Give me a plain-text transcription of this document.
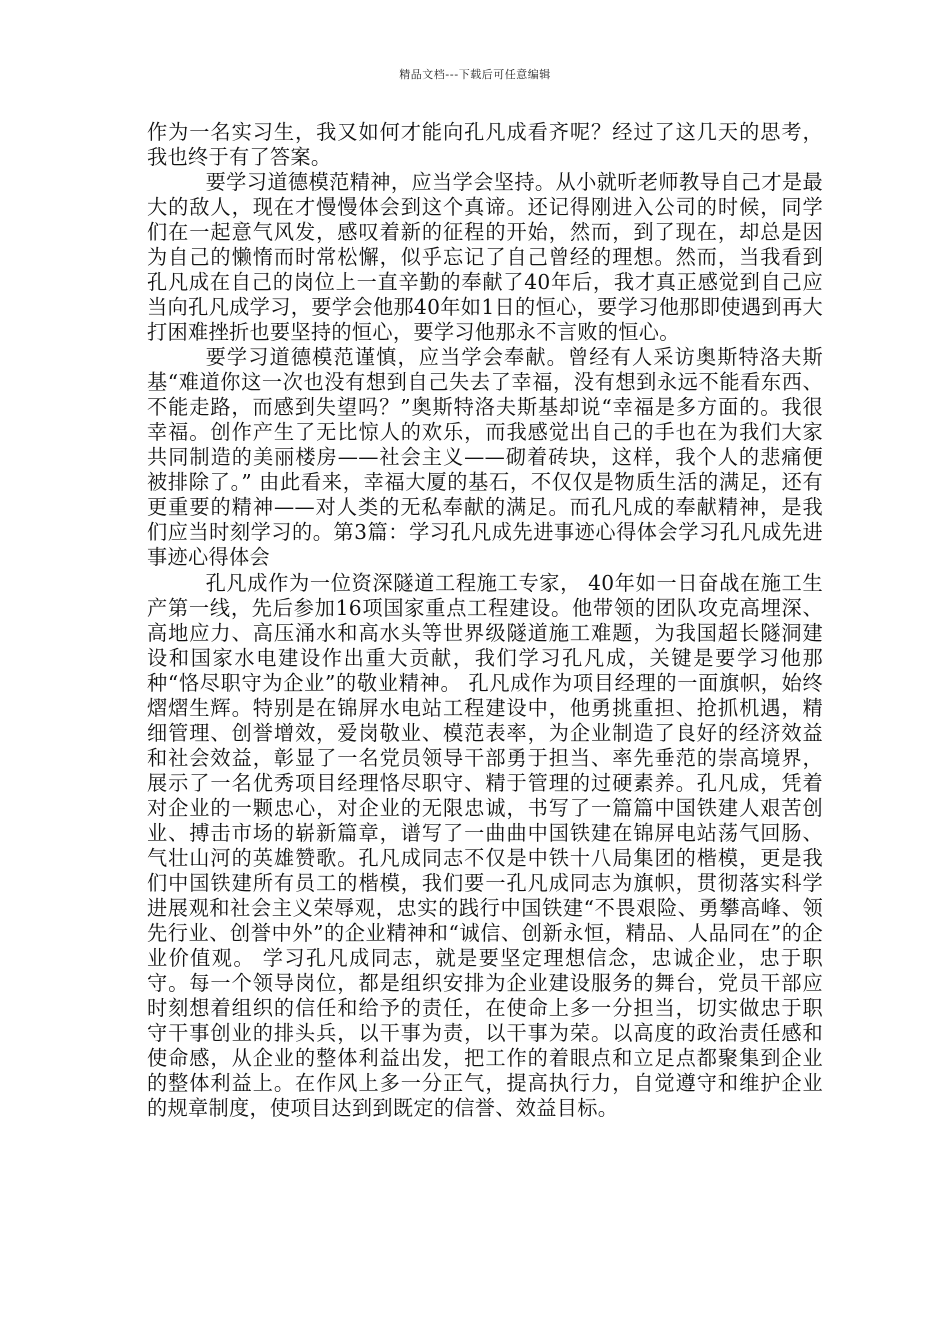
精品文档---下载后可任意编辑

作为一名实习生，我又如何才能向孔凡成看齐呢？经过了这几天的思考，我也终于有了答案。

要学习道德模范精神，应当学会坚持。从小就听老师教导自己才是最大的敌人，现在才慢慢体会到这个真谛。还记得刚进入公司的时候，同学们在一起意气风发，感叹着新的征程的开始，然而，到了现在，却总是因为自己的懒惰而时常松懈，似乎忘记了自己曾经的理想。然而，当我看到孔凡成在自己的岗位上一直辛勤的奉献了40年后，我才真正感觉到自己应当向孔凡成学习，要学会他那40年如1日的恒心，要学习他那即使遇到再大打困难挫折也要坚持的恒心，要学习他那永不言败的恒心。

要学习道德模范谨慎，应当学会奉献。曾经有人采访奥斯特洛夫斯基“难道你这一次也没有想到自己失去了幸福，没有想到永远不能看东西、不能走路，而感到失望吗？”奥斯特洛夫斯基却说“幸福是多方面的。我很幸福。创作产生了无比惊人的欢乐，而我感觉出自己的手也在为我们大家共同制造的美丽楼房——社会主义——砌着砖块，这样，我个人的悲痛便被排除了。” 由此看来，幸福大厦的基石，不仅仅是物质生活的满足，还有更重要的精神——对人类的无私奉献的满足。而孔凡成的奉献精神，是我们应当时刻学习的。第3篇：学习孔凡成先进事迹心得体会学习孔凡成先进事迹心得体会

孔凡成作为一位资深隧道工程施工专家， 40年如一日奋战在施工生产第一线，先后参加16项国家重点工程建设。他带领的团队攻克高埋深、高地应力、高压涌水和高水头等世界级隧道施工难题，为我国超长隧洞建设和国家水电建设作出重大贡献，我们学习孔凡成，关键是要学习他那种“恪尽职守为企业”的敬业精神。 孔凡成作为项目经理的一面旗帜，始终熠熠生辉。特别是在锦屏水电站工程建设中，他勇挑重担、抢抓机遇，精细管理、创誉增效，爱岗敬业、模范表率，为企业制造了良好的经济效益和社会效益，彰显了一名党员领导干部勇于担当、率先垂范的崇高境界，展示了一名优秀项目经理恪尽职守、精于管理的过硬素养。孔凡成，凭着对企业的一颗忠心，对企业的无限忠诚，书写了一篇篇中国铁建人艰苦创业、搏击市场的崭新篇章，谱写了一曲曲中国铁建在锦屏电站荡气回肠、气壮山河的英雄赞歌。孔凡成同志不仅是中铁十八局集团的楷模，更是我们中国铁建所有员工的楷模，我们要一孔凡成同志为旗帜，贯彻落实科学进展观和社会主义荣辱观，忠实的践行中国铁建“不畏艰险、勇攀高峰、领先行业、创誉中外”的企业精神和“诚信、创新永恒，精品、人品同在”的企业价值观。 学习孔凡成同志，就是要坚定理想信念，忠诚企业，忠于职守。每一个领导岗位，都是组织安排为企业建设服务的舞台，党员干部应时刻想着组织的信任和给予的责任，在使命上多一分担当，切实做忠于职守干事创业的排头兵，以干事为责，以干事为荣。以高度的政治责任感和使命感，从企业的整体利益出发，把工作的着眼点和立足点都聚集到企业的整体利益上。在作风上多一分正气，提高执行力，自觉遵守和维护企业的规章制度，使项目达到到既定的信誉、效益目标。
